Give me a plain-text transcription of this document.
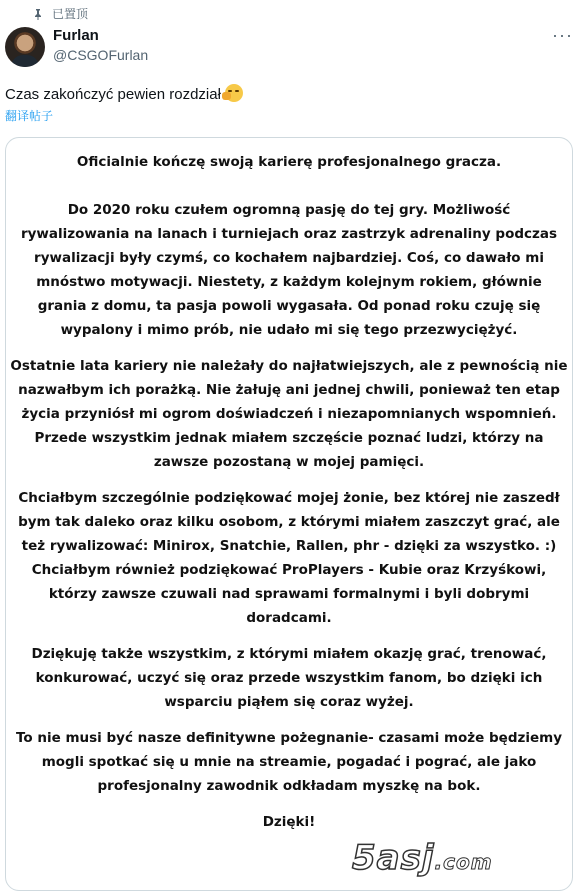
已置顶
Furlan
@CSGOFurlan
···
Czas zakończyć pewien rozdział
翻译帖子

Oficialnie kończę swoją karierę profesjonalnego gracza.

Do 2020 roku czułem ogromną pasję do tej gry. Możliwość
rywalizowania na lanach i turniejach oraz zastrzyk adrenaliny podczas
rywalizacji były czymś, co kochałem najbardziej. Coś, co dawało mi
mnóstwo motywacji. Niestety, z każdym kolejnym rokiem, głównie
grania z domu, ta pasja powoli wygasała. Od ponad roku czuję się
wypalony i mimo prób, nie udało mi się tego przezwyciężyć.
Ostatnie lata kariery nie należały do najłatwiejszych, ale z pewnością nie
nazwałbym ich porażką. Nie żałuję ani jednej chwili, ponieważ ten etap
życia przyniósł mi ogrom doświadczeń i niezapomnianych wspomnień.
Przede wszystkim jednak miałem szczęście poznać ludzi, którzy na
zawsze pozostaną w mojej pamięci.
Chciałbym szczególnie podziękować mojej żonie, bez której nie zaszedł
bym tak daleko oraz kilku osobom, z którymi miałem zaszczyt grać, ale
też rywalizować: Minirox, Snatchie, Rallen, phr - dzięki za wszystko. :)
Chciałbym również podziękować ProPlayers - Kubie oraz Krzyśkowi,
którzy zawsze czuwali nad sprawami formalnymi i byli dobrymi
doradcami.
Dziękuję także wszystkim, z którymi miałem okazję grać, trenować,
konkurować, uczyć się oraz przede wszystkim fanom, bo dzięki ich
wsparciu piąłem się coraz wyżej.
To nie musi być nasze definitywne pożegnanie- czasami może będziemy
mogli spotkać się u mnie na streamie, pogadać i pograć, ale jako
profesjonalny zawodnik odkładam myszkę na bok.

Dzięki!

5asj.com
